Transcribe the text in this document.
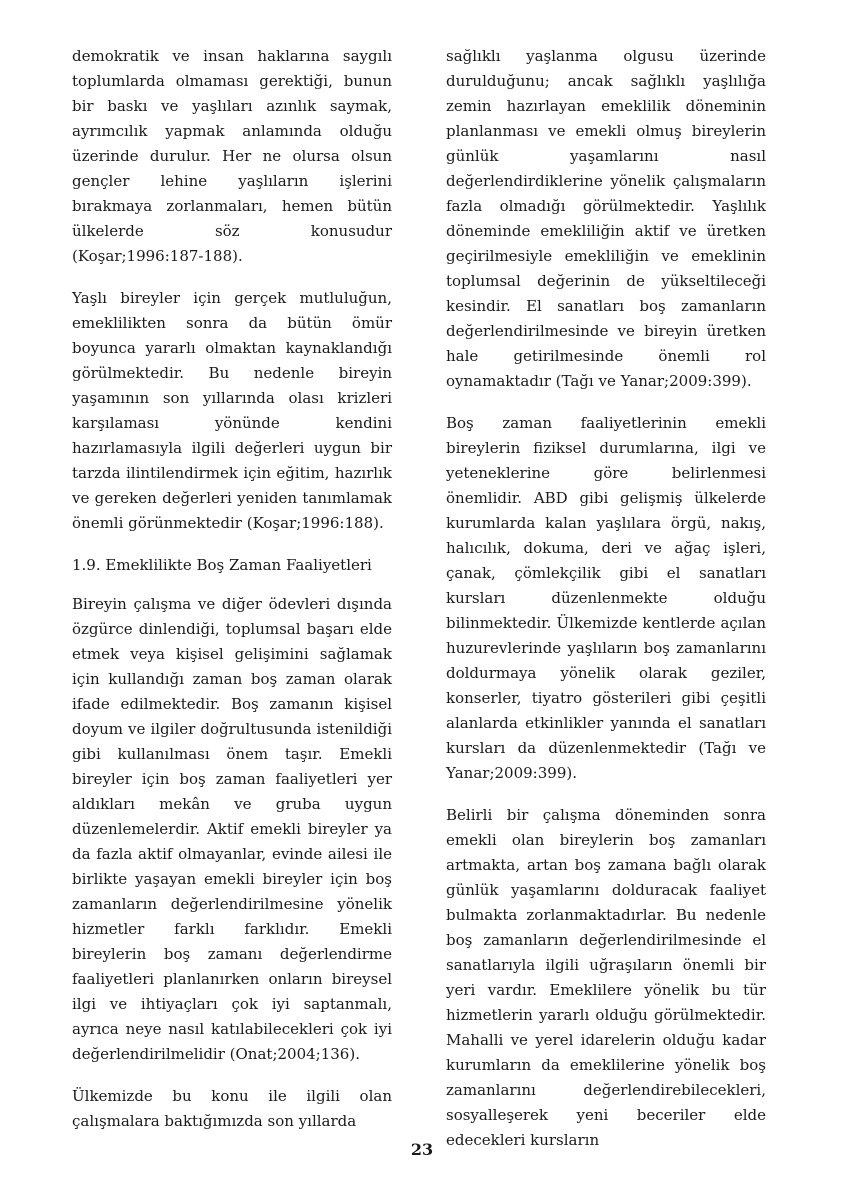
demokratik ve insan haklarına saygılı toplumlarda olmaması gerektiği, bunun bir baskı ve yaşlıları azınlık saymak, ayrımcılık yapmak anlamında olduğu üzerinde durulur. Her ne olursa olsun gençler lehine yaşlıların işlerini bırakmaya zorlanmaları, hemen bütün ülkelerde söz konusudur (Koşar;1996:187-188).

Yaşlı bireyler için gerçek mutluluğun, emeklilikten sonra da bütün ömür boyunca yararlı olmaktan kaynaklandığı görülmektedir. Bu nedenle bireyin yaşamının son yıllarında olası krizleri karşılaması yönünde kendini hazırlamasıyla ilgili değerleri uygun bir tarzda ilintilendirmek için eğitim, hazırlık ve gereken değerleri yeniden tanımlamak önemli görünmektedir (Koşar;1996:188).

1.9. Emeklilikte Boş Zaman Faaliyetleri

Bireyin çalışma ve diğer ödevleri dışında özgürce dinlendiği, toplumsal başarı elde etmek veya kişisel gelişimini sağlamak için kullandığı zaman boş zaman olarak ifade edilmektedir. Boş zamanın kişisel doyum ve ilgiler doğrultusunda istenildiği gibi kullanılması önem taşır. Emekli bireyler için boş zaman faaliyetleri yer aldıkları mekân ve gruba uygun düzenlemelerdir. Aktif emekli bireyler ya da fazla aktif olmayanlar, evinde ailesi ile birlikte yaşayan emekli bireyler için boş zamanların değerlendirilmesine yönelik hizmetler farklı farklıdır. Emekli bireylerin boş zamanı değerlendirme faaliyetleri planlanırken onların bireysel ilgi ve ihtiyaçları çok iyi saptanmalı, ayrıca neye nasıl katılabilecekleri çok iyi değerlendirilmelidir (Onat;2004;136).

Ülkemizde bu konu ile ilgili olan çalışmalara baktığımızda son yıllarda

sağlıklı yaşlanma olgusu üzerinde durulduğunu; ancak sağlıklı yaşlılığa zemin hazırlayan emeklilik döneminin planlanması ve emekli olmuş bireylerin günlük yaşamlarını nasıl değerlendirdiklerine yönelik çalışmaların fazla olmadığı görülmektedir. Yaşlılık döneminde emekliliğin aktif ve üretken geçirilmesiyle emekliliğin ve emeklinin toplumsal değerinin de yükseltileceği kesindir. El sanatları boş zamanların değerlendirilmesinde ve bireyin üretken hale getirilmesinde önemli rol oynamaktadır (Tağı ve Yanar;2009:399).

Boş zaman faaliyetlerinin emekli bireylerin fiziksel durumlarına, ilgi ve yeteneklerine göre belirlenmesi önemlidir. ABD gibi gelişmiş ülkelerde kurumlarda kalan yaşlılara örgü, nakış, halıcılık, dokuma, deri ve ağaç işleri, çanak, çömlekçilik gibi el sanatları kursları düzenlenmekte olduğu bilinmektedir. Ülkemizde kentlerde açılan huzurevlerinde yaşlıların boş zamanlarını doldurmaya yönelik olarak geziler, konserler, tiyatro gösterileri gibi çeşitli alanlarda etkinlikler yanında el sanatları kursları da düzenlenmektedir (Tağı ve Yanar;2009:399).

Belirli bir çalışma döneminden sonra emekli olan bireylerin boş zamanları artmakta, artan boş zamana bağlı olarak günlük yaşamlarını dolduracak faaliyet bulmakta zorlanmaktadırlar. Bu nedenle boş zamanların değerlendirilmesinde el sanatlarıyla ilgili uğraşıların önemli bir yeri vardır. Emeklilere yönelik bu tür hizmetlerin yararlı olduğu görülmektedir. Mahalli ve yerel idarelerin olduğu kadar kurumların da emeklilerine yönelik boş zamanlarını değerlendirebilecekleri, sosyalleşerek yeni beceriler elde edecekleri kursların

23
